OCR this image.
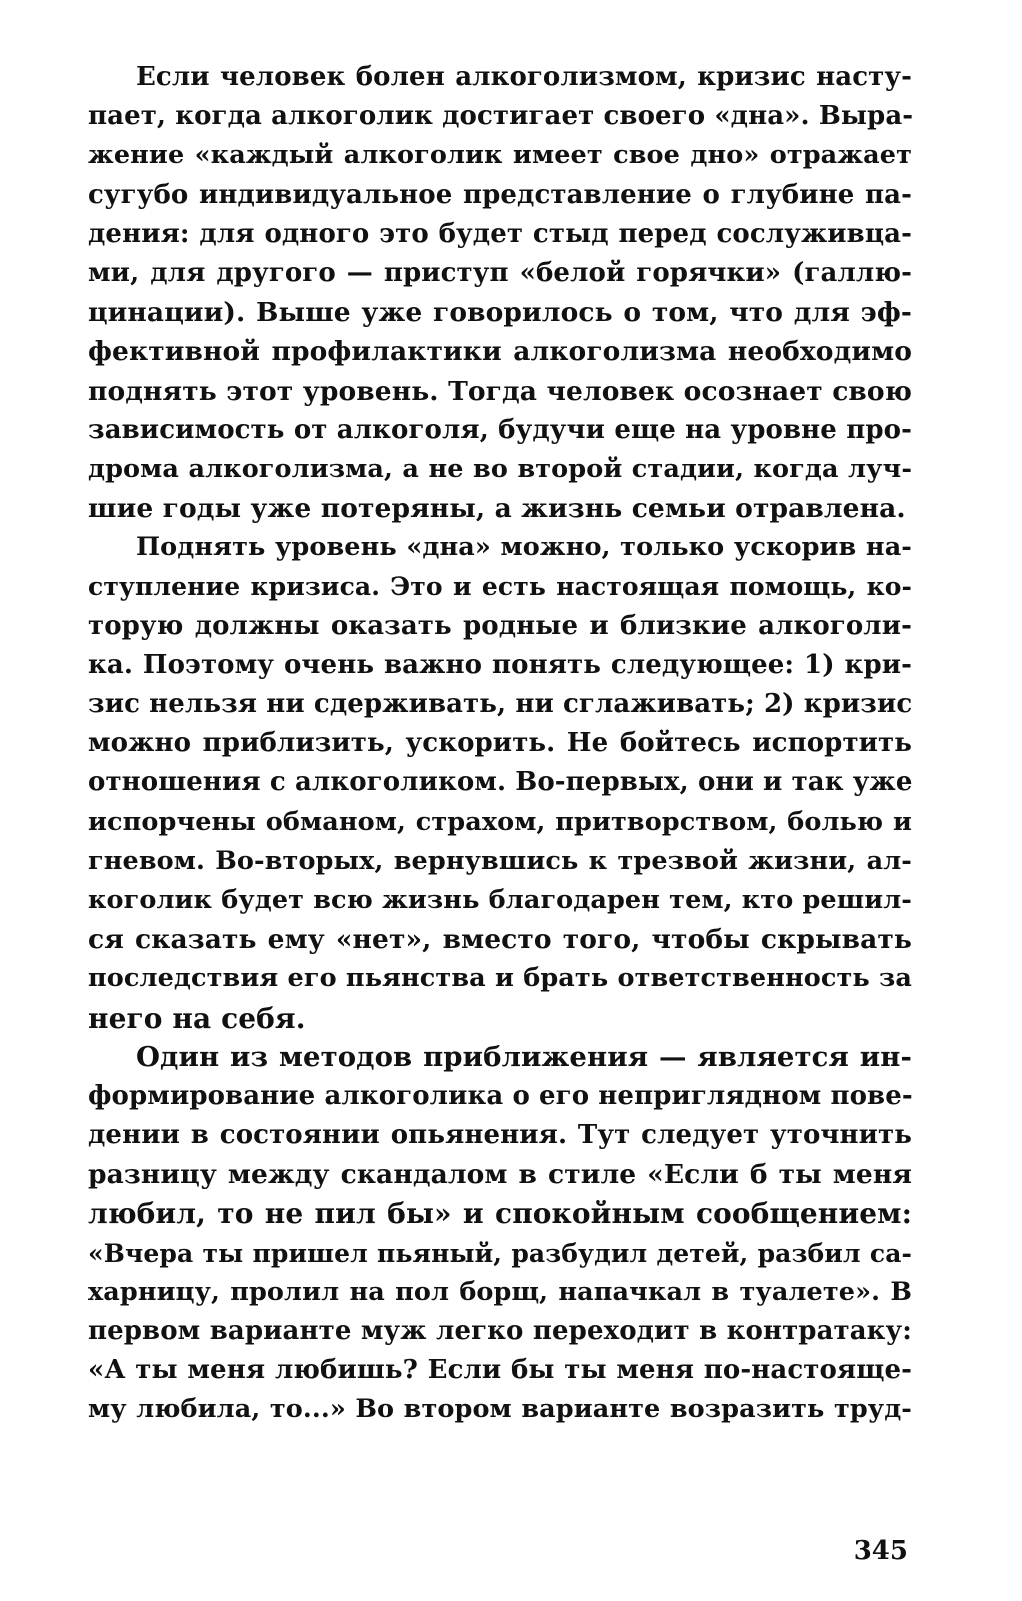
Если человек болен алкоголизмом, кризис насту-
пает, когда алкоголик достигает своего «дна». Выра-
жение «каждый алкоголик имеет свое дно» отражает
сугубо индивидуальное представление о глубине па-
дения: для одного это будет стыд перед сослуживца-
ми, для другого — приступ «белой горячки» (галлю-
цинации). Выше уже говорилось о том, что для эф-
фективной профилактики алкоголизма необходимо
поднять этот уровень. Тогда человек осознает свою
зависимость от алкоголя, будучи еще на уровне про-
дрома алкоголизма, а не во второй стадии, когда луч-
шие годы уже потеряны, а жизнь семьи отравлена.
Поднять уровень «дна» можно, только ускорив на-
ступление кризиса. Это и есть настоящая помощь, ко-
торую должны оказать родные и близкие алкоголи-
ка. Поэтому очень важно понять следующее: 1) кри-
зис нельзя ни сдерживать, ни сглаживать; 2) кризис
можно приблизить, ускорить. Не бойтесь испортить
отношения с алкоголиком. Во-первых, они и так уже
испорчены обманом, страхом, притворством, болью и
гневом. Во-вторых, вернувшись к трезвой жизни, ал-
коголик будет всю жизнь благодарен тем, кто решил-
ся сказать ему «нет», вместо того, чтобы скрывать
последствия его пьянства и брать ответственность за
него на себя.
Один из методов приближения — является ин-
формирование алкоголика о его неприглядном пове-
дении в состоянии опьянения. Тут следует уточнить
разницу между скандалом в стиле «Если б ты меня
любил, то не пил бы» и спокойным сообщением:
«Вчера ты пришел пьяный, разбудил детей, разбил са-
харницу, пролил на пол борщ, напачкал в туалете». В
первом варианте муж легко переходит в контратаку:
«А ты меня любишь? Если бы ты меня по-настояще-
му любила, то...» Во втором варианте возразить труд-
345
